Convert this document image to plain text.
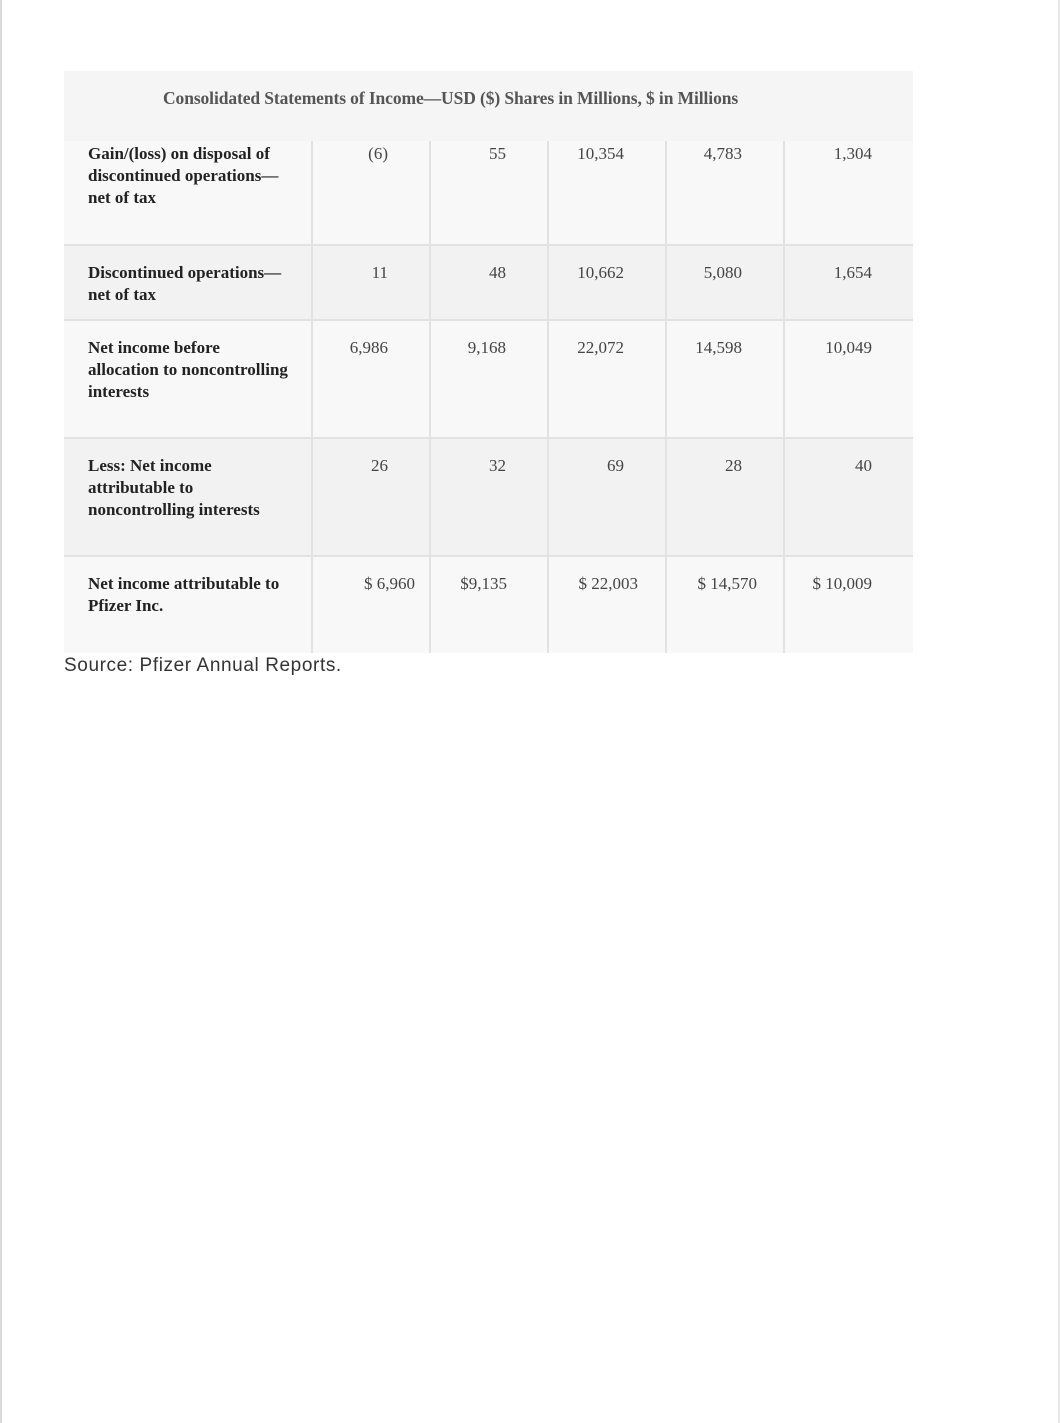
Consolidated Statements of Income—USD ($) Shares in Millions, $ in Millions
Gain/(loss) on disposal of discontinued operations—net of tax	(6)	55	10,354	4,783	1,304
Discontinued operations—net of tax	11	48	10,662	5,080	1,654
Net income before allocation to noncontrolling interests	6,986	9,168	22,072	14,598	10,049
Less: Net income attributable to noncontrolling interests	26	32	69	28	40
Net income attributable to Pfizer Inc.	$ 6,960	$9,135	$ 22,003	$ 14,570	$ 10,009
Source: Pfizer Annual Reports.
